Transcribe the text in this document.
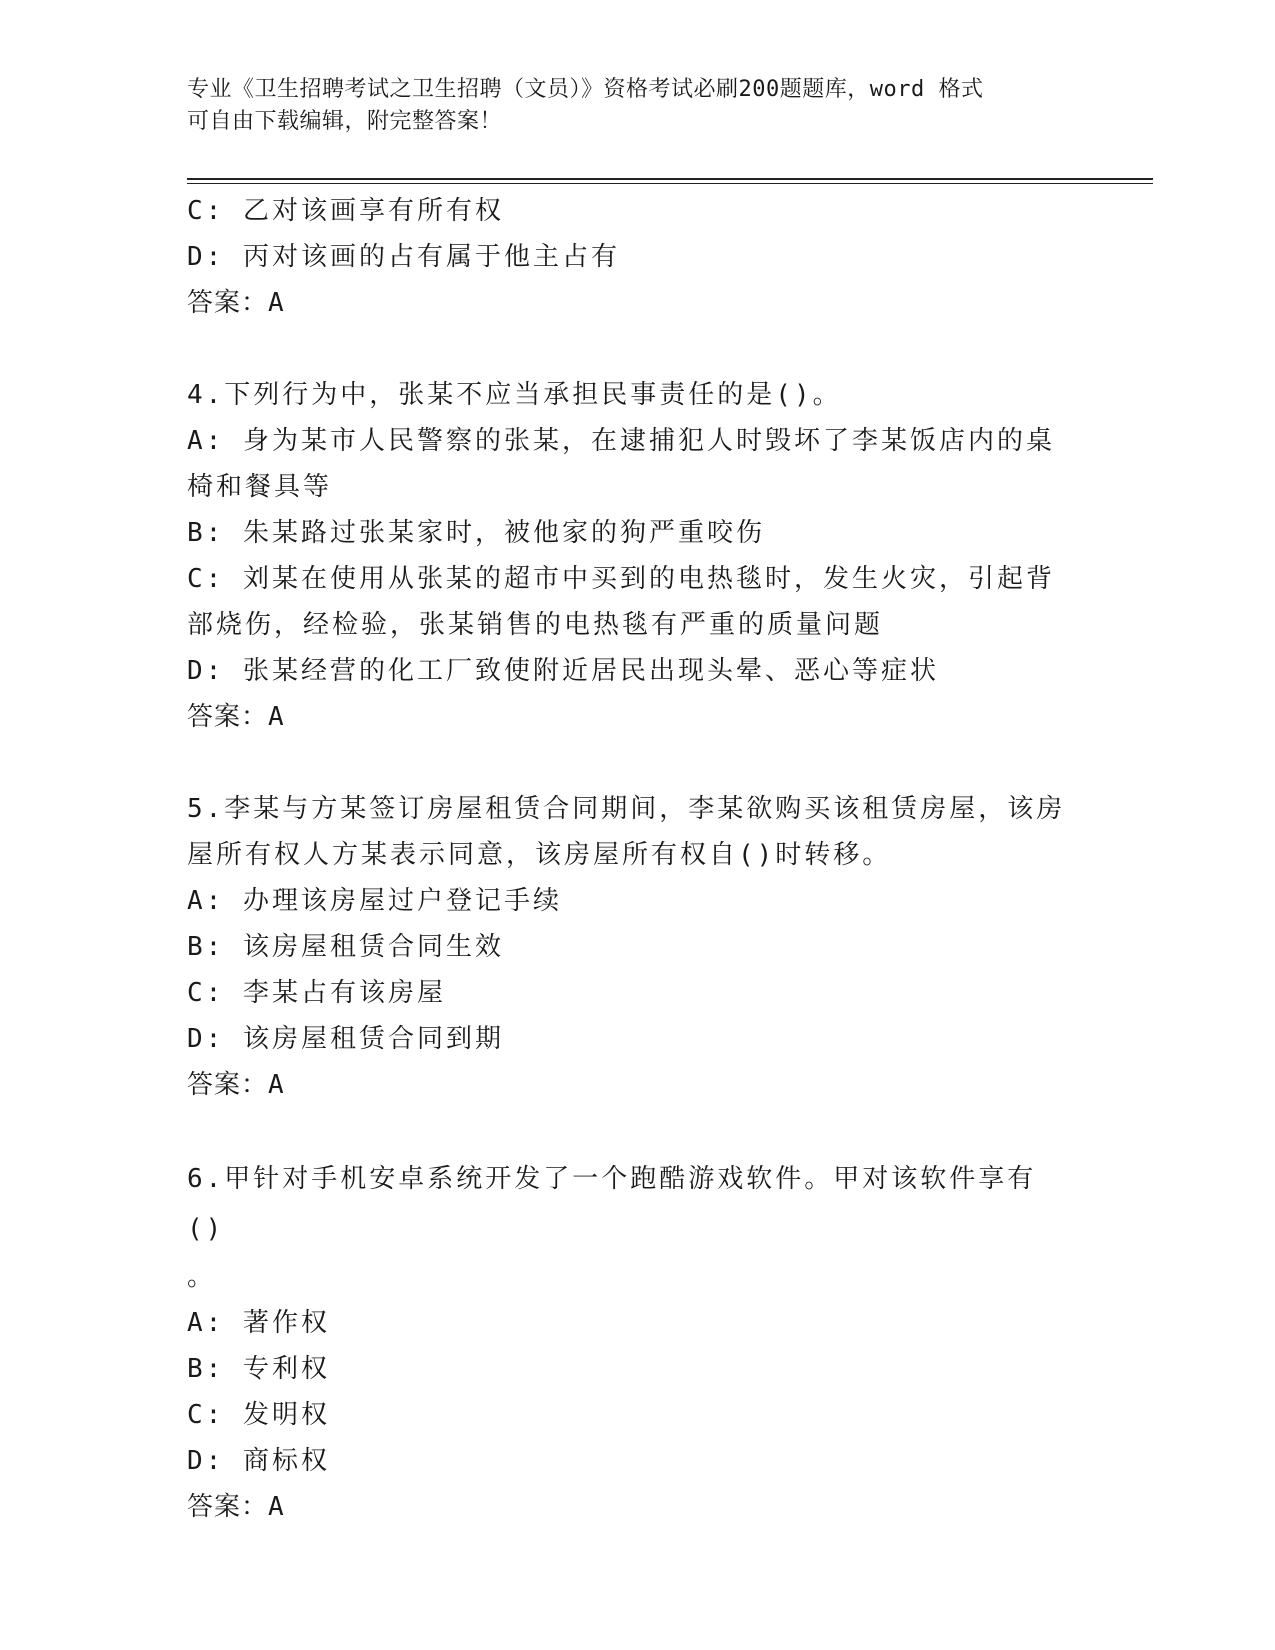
专业《卫生招聘考试之卫生招聘（文员）》资格考试必刷200题题库，word 格式
可自由下载编辑，附完整答案！
C: 乙对该画享有所有权
D: 丙对该画的占有属于他主占有
答案：A
4.下列行为中，张某不应当承担民事责任的是()。
A: 身为某市人民警察的张某，在逮捕犯人时毁坏了李某饭店内的桌椅和餐具等
B: 朱某路过张某家时，被他家的狗严重咬伤
C: 刘某在使用从张某的超市中买到的电热毯时，发生火灾，引起背部烧伤，经检验，张某销售的电热毯有严重的质量问题
D: 张某经营的化工厂致使附近居民出现头晕、恶心等症状
答案：A
5.李某与方某签订房屋租赁合同期间，李某欲购买该租赁房屋，该房屋所有权人方某表示同意，该房屋所有权自()时转移。
A: 办理该房屋过户登记手续
B: 该房屋租赁合同生效
C: 李某占有该房屋
D: 该房屋租赁合同到期
答案：A
6.甲针对手机安卓系统开发了一个跑酷游戏软件。甲对该软件享有()
。
A: 著作权
B: 专利权
C: 发明权
D: 商标权
答案：A
